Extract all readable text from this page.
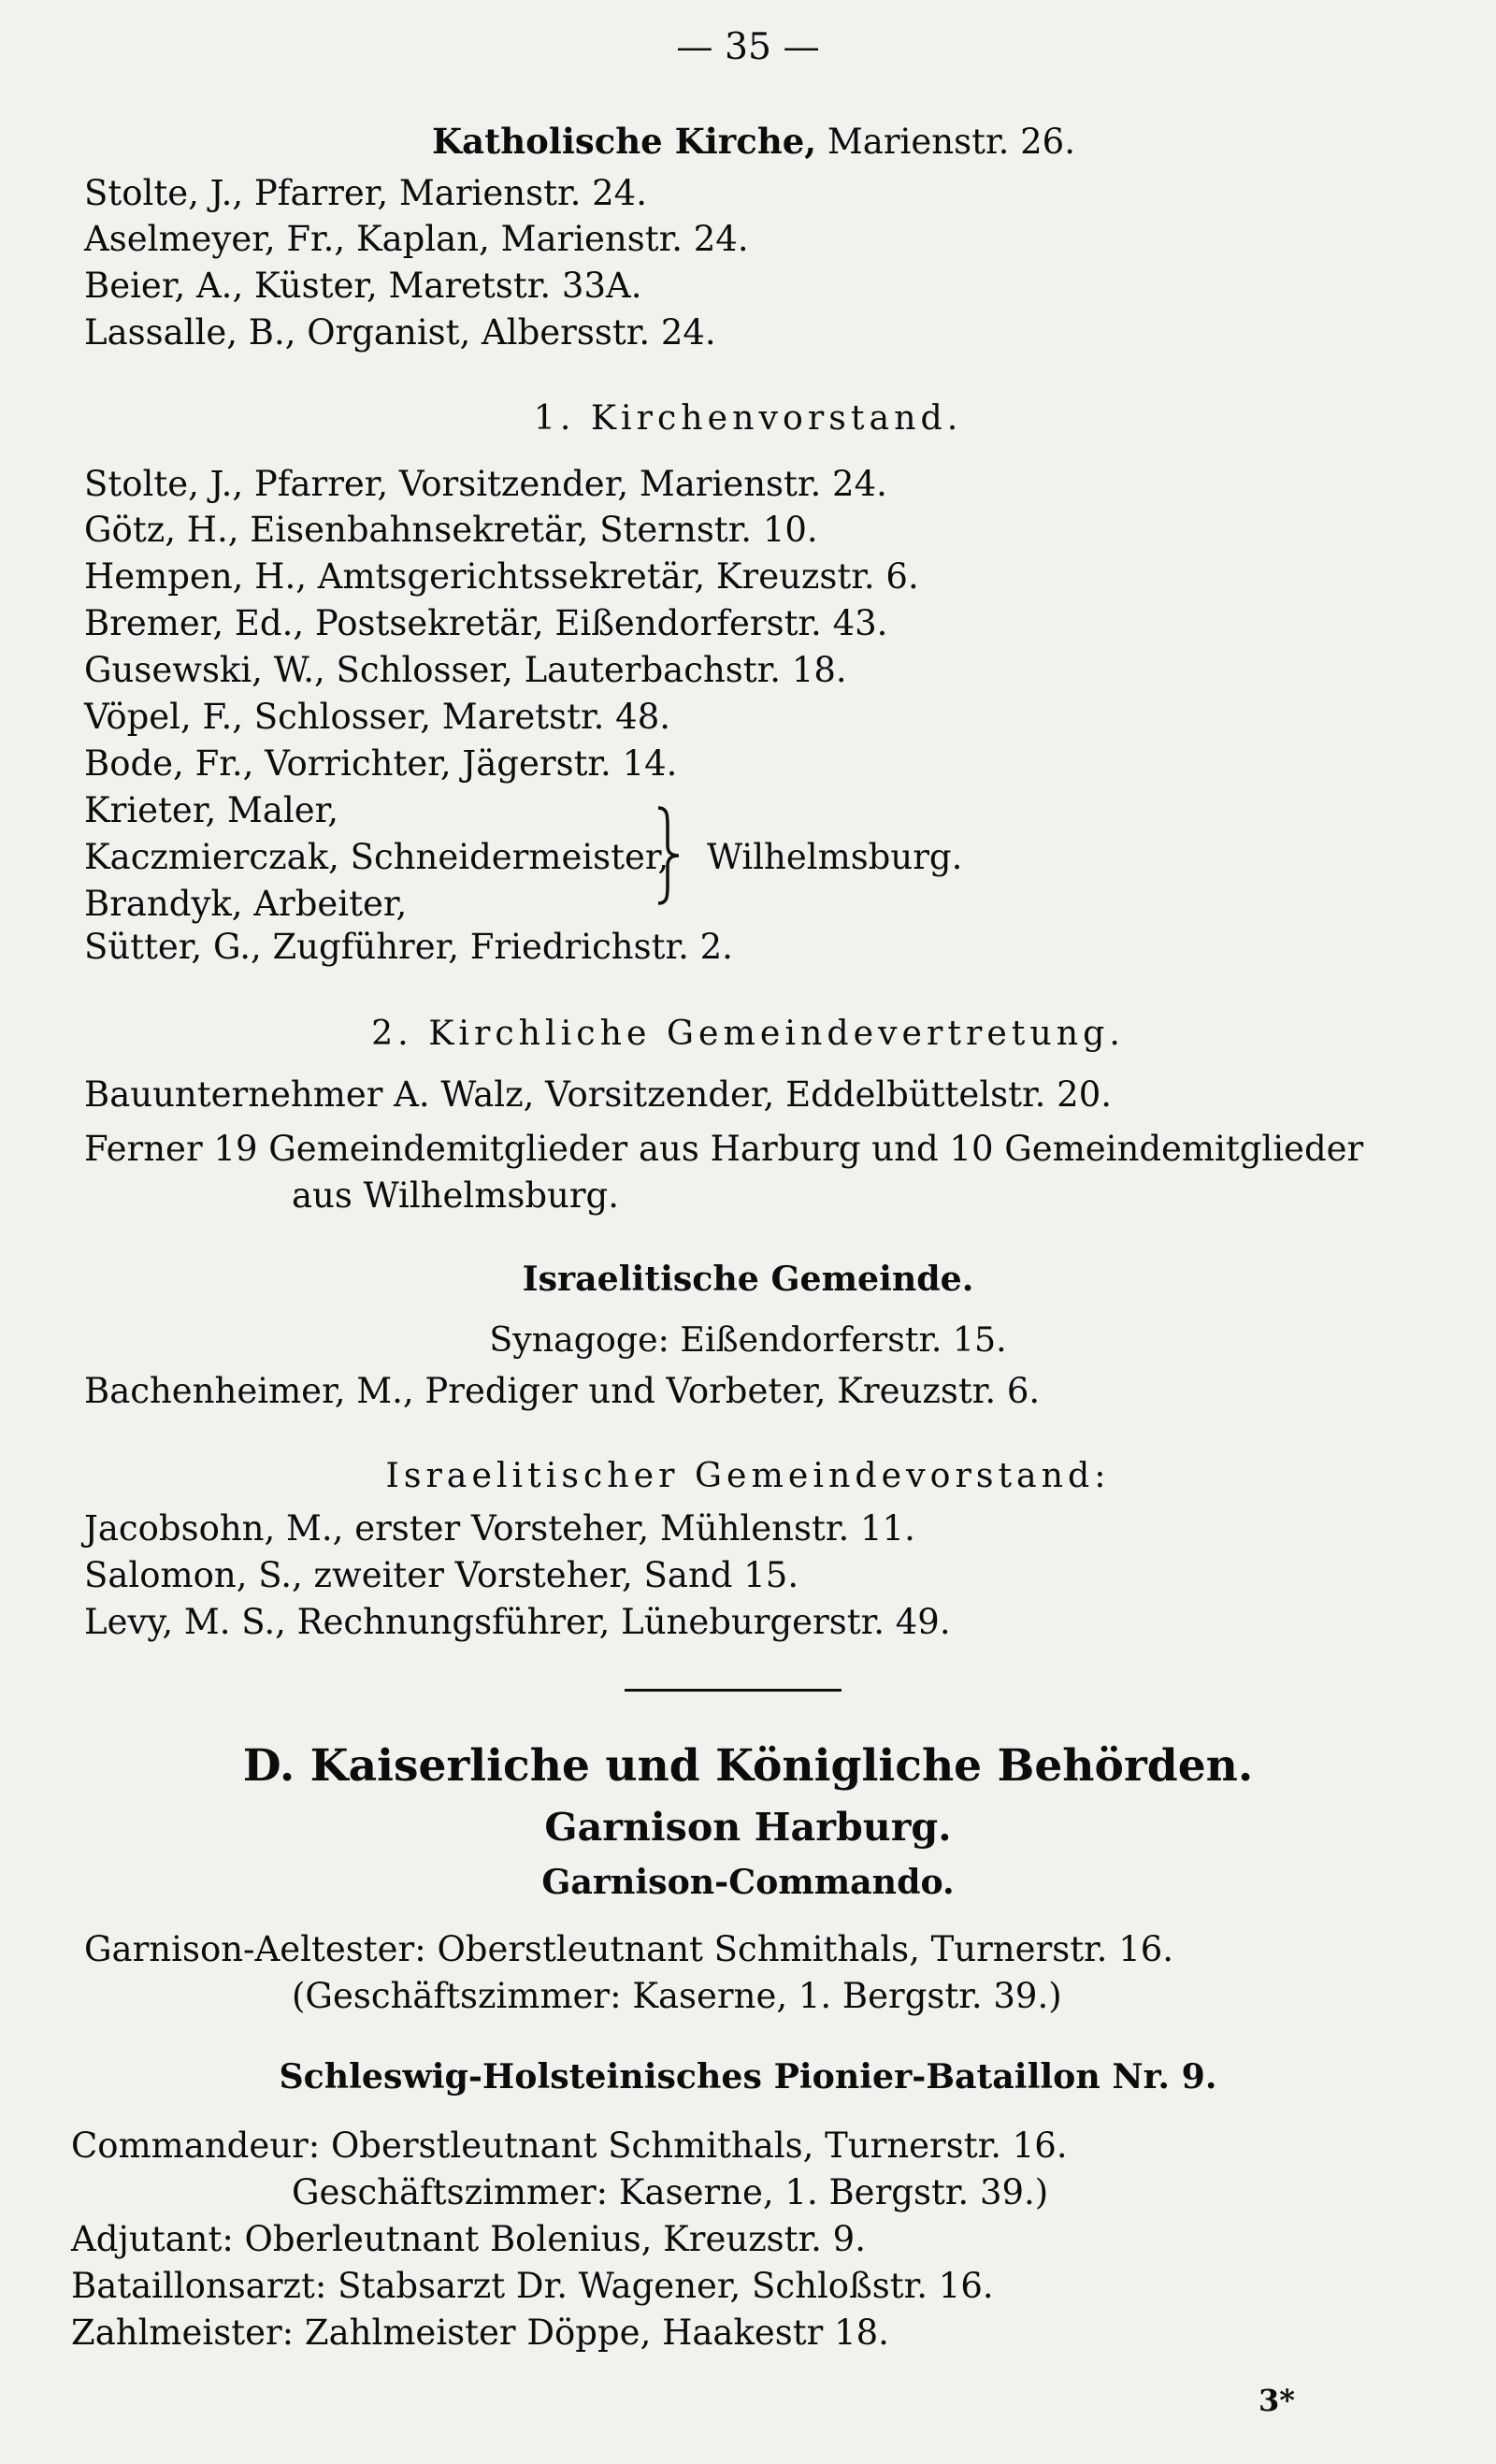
— 35 —
Katholische Kirche, Marienstr. 26.
Stolte, J., Pfarrer, Marienstr. 24.
Aselmeyer, Fr., Kaplan, Marienstr. 24.
Beier, A., Küster, Maretstr. 33A.
Lassalle, B., Organist, Albersstr. 24.
1. Kirchenvorstand.
Stolte, J., Pfarrer, Vorsitzender, Marienstr. 24.
Götz, H., Eisenbahnsekretär, Sternstr. 10.
Hempen, H., Amtsgerichtssekretär, Kreuzstr. 6.
Bremer, Ed., Postsekretär, Eißendorferstr. 43.
Gusewski, W., Schlosser, Lauterbachstr. 18.
Vöpel, F., Schlosser, Maretstr. 48.
Bode, Fr., Vorrichter, Jägerstr. 14.
Krieter, Maler,
Kaczmierczak, Schneidermeister,
Brandyk, Arbeiter,
Wilhelmsburg.
Sütter, G., Zugführer, Friedrichstr. 2.
2. Kirchliche Gemeindevertretung.
Bauunternehmer A. Walz, Vorsitzender, Eddelbüttelstr. 20.
Ferner 19 Gemeindemitglieder aus Harburg und 10 Gemeindemitglieder
aus Wilhelmsburg.
Israelitische Gemeinde.
Synagoge: Eißendorferstr. 15.
Bachenheimer, M., Prediger und Vorbeter, Kreuzstr. 6.
Israelitischer Gemeindevorstand:
Jacobsohn, M., erster Vorsteher, Mühlenstr. 11.
Salomon, S., zweiter Vorsteher, Sand 15.
Levy, M. S., Rechnungsführer, Lüneburgerstr. 49.
D. Kaiserliche und Königliche Behörden.
Garnison Harburg.
Garnison-Commando.
Garnison-Aeltester: Oberstleutnant Schmithals, Turnerstr. 16.
(Geschäftszimmer: Kaserne, 1. Bergstr. 39.)
Schleswig-Holsteinisches Pionier-Bataillon Nr. 9.
Commandeur: Oberstleutnant Schmithals, Turnerstr. 16.
Geschäftszimmer: Kaserne, 1. Bergstr. 39.)
Adjutant: Oberleutnant Bolenius, Kreuzstr. 9.
Bataillonsarzt: Stabsarzt Dr. Wagener, Schloßstr. 16.
Zahlmeister: Zahlmeister Döppe, Haakestr 18.
3*
